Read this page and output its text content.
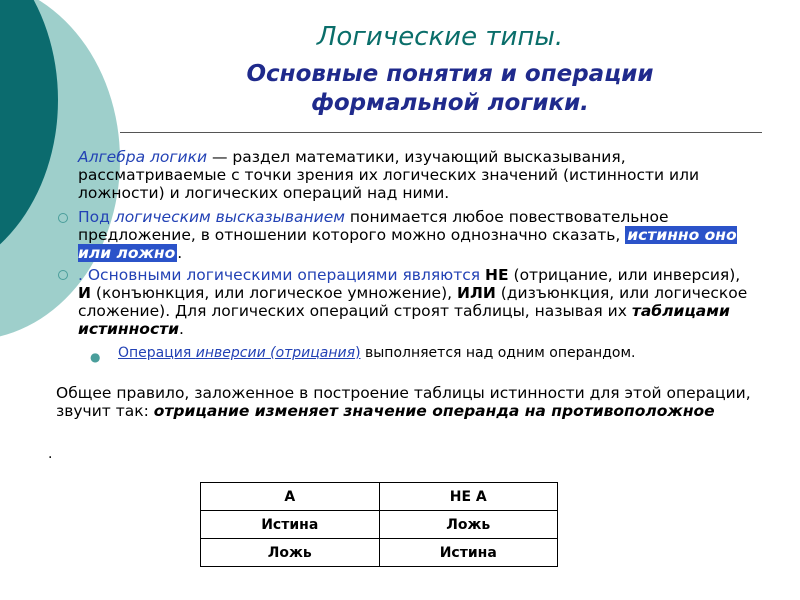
Логические типы.
Основные понятия и операции формальной логики.
Алгебра логики — раздел математики, изучающий высказывания, рассматриваемые с точки зрения их логических значений (истинности или ложности) и логических операций над ними.
Под логическим высказыванием понимается любое повествовательное предложение, в отношении которого можно однозначно сказать, истинно оно или ложно .
. Основными логическими операциями являются НЕ (отрицание, или инверсия), И (конъюнкция, или логическое умножение), ИЛИ (дизъюнкция, или логическое сложение). Для логических операций строят таблицы, называя их таблицами истинности.
● Операция инверсии (отрицания) выполняется над одним операндом.
Общее правило, заложенное в построение таблицы истинности для этой операции, звучит так: отрицание изменяет значение операнда на противоположное
.
А	НЕ А
Истина	Ложь
Ложь	Истина
